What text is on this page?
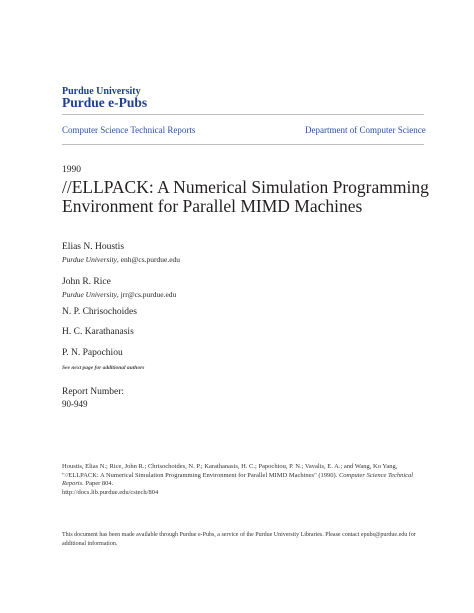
Purdue University
Purdue e-Pubs
Computer Science Technical Reports	Department of Computer Science
1990
//ELLPACK: A Numerical Simulation Programming Environment for Parallel MIMD Machines
Elias N. Houstis
Purdue University, enh@cs.purdue.edu
John R. Rice
Purdue University, jrr@cs.purdue.edu
N. P. Chrisochoides
H. C. Karathanasis
P. N. Papochiou
See next page for additional authors
Report Number:
90-949
Houstis, Elias N.; Rice, John R.; Chrisochoides, N. P.; Karathanasis, H. C.; Papochiou, P. N.; Vavalis, E. A.; and Wang, Ko Yang, "//ELLPACK: A Numerical Simulation Programming Environment for Parallel MIMD Machines" (1990). Computer Science Technical Reports. Paper 804.
http://docs.lib.purdue.edu/cstech/804
This document has been made available through Purdue e-Pubs, a service of the Purdue University Libraries. Please contact epubs@purdue.edu for additional information.
